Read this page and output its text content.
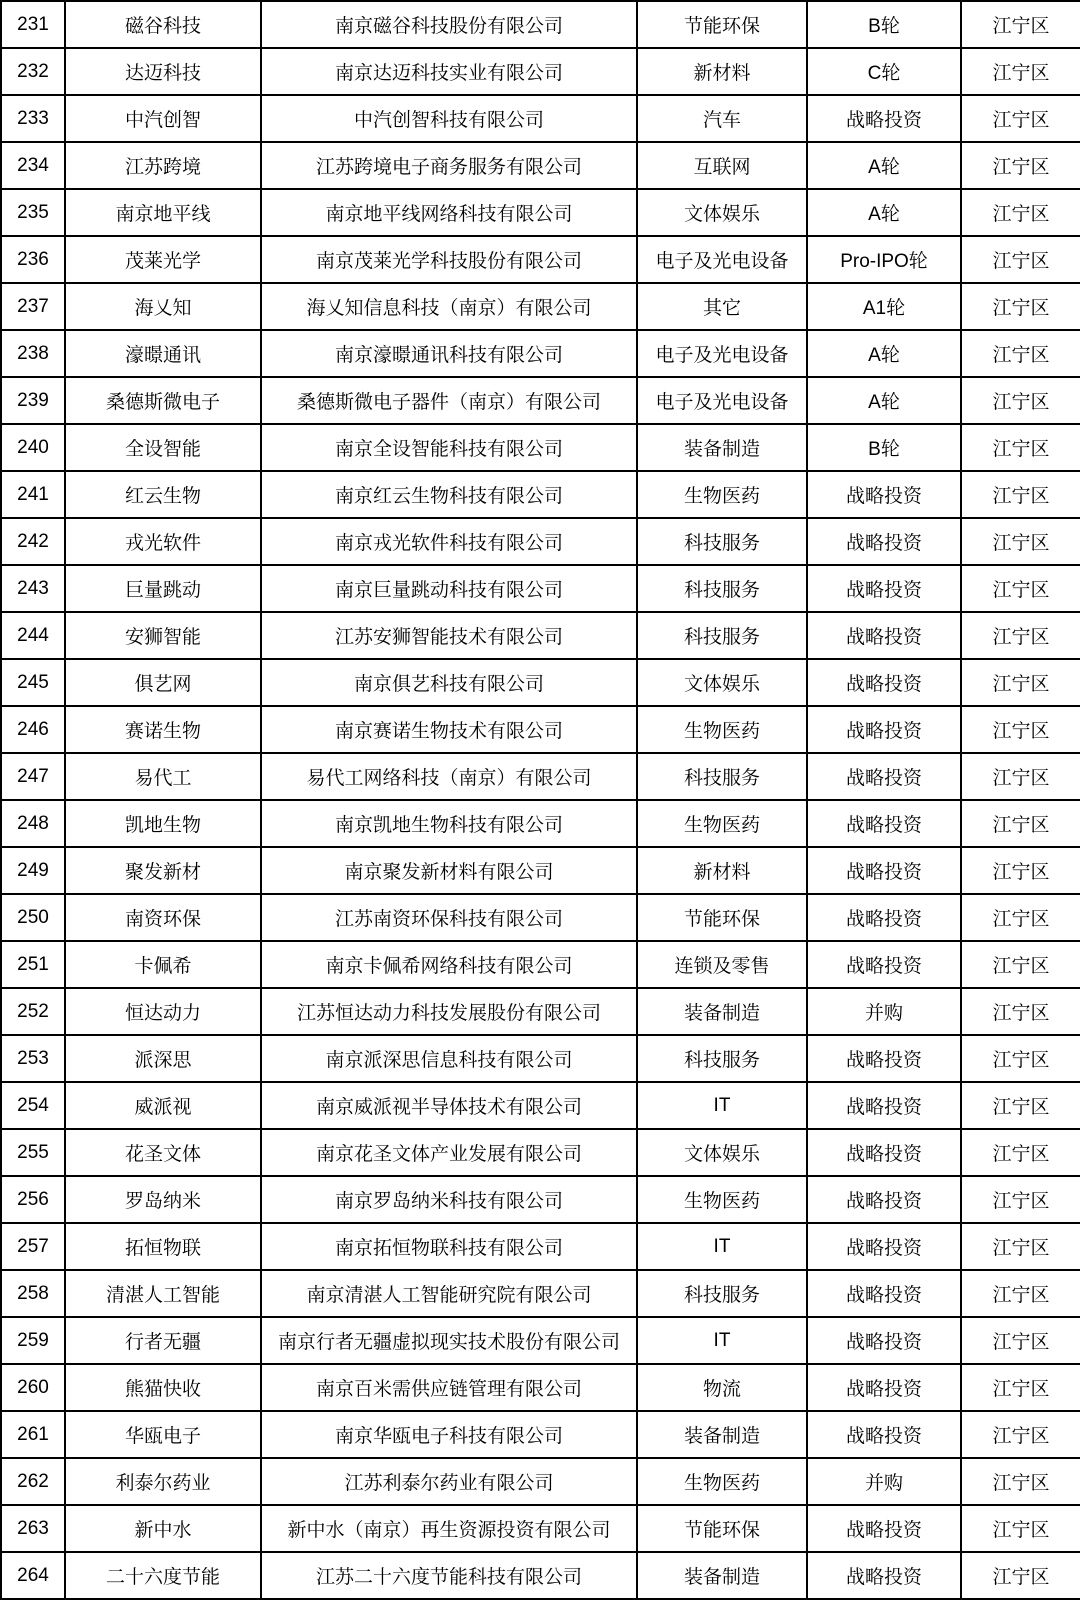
231	磁谷科技	南京磁谷科技股份有限公司	节能环保	B轮	江宁区
232	达迈科技	南京达迈科技实业有限公司	新材料	C轮	江宁区
233	中汽创智	中汽创智科技有限公司	汽车	战略投资	江宁区
234	江苏跨境	江苏跨境电子商务服务有限公司	互联网	A轮	江宁区
235	南京地平线	南京地平线网络科技有限公司	文体娱乐	A轮	江宁区
236	茂莱光学	南京茂莱光学科技股份有限公司	电子及光电设备	Pro-IPO轮	江宁区
237	海乂知	海乂知信息科技（南京）有限公司	其它	A1轮	江宁区
238	濠暻通讯	南京濠暻通讯科技有限公司	电子及光电设备	A轮	江宁区
239	桑德斯微电子	桑德斯微电子器件（南京）有限公司	电子及光电设备	A轮	江宁区
240	全设智能	南京全设智能科技有限公司	装备制造	B轮	江宁区
241	红云生物	南京红云生物科技有限公司	生物医药	战略投资	江宁区
242	戎光软件	南京戎光软件科技有限公司	科技服务	战略投资	江宁区
243	巨量跳动	南京巨量跳动科技有限公司	科技服务	战略投资	江宁区
244	安狮智能	江苏安狮智能技术有限公司	科技服务	战略投资	江宁区
245	俱艺网	南京俱艺科技有限公司	文体娱乐	战略投资	江宁区
246	赛诺生物	南京赛诺生物技术有限公司	生物医药	战略投资	江宁区
247	易代工	易代工网络科技（南京）有限公司	科技服务	战略投资	江宁区
248	凯地生物	南京凯地生物科技有限公司	生物医药	战略投资	江宁区
249	聚发新材	南京聚发新材料有限公司	新材料	战略投资	江宁区
250	南资环保	江苏南资环保科技有限公司	节能环保	战略投资	江宁区
251	卡佩希	南京卡佩希网络科技有限公司	连锁及零售	战略投资	江宁区
252	恒达动力	江苏恒达动力科技发展股份有限公司	装备制造	并购	江宁区
253	派深思	南京派深思信息科技有限公司	科技服务	战略投资	江宁区
254	威派视	南京威派视半导体技术有限公司	IT	战略投资	江宁区
255	花圣文体	南京花圣文体产业发展有限公司	文体娱乐	战略投资	江宁区
256	罗岛纳米	南京罗岛纳米科技有限公司	生物医药	战略投资	江宁区
257	拓恒物联	南京拓恒物联科技有限公司	IT	战略投资	江宁区
258	清湛人工智能	南京清湛人工智能研究院有限公司	科技服务	战略投资	江宁区
259	行者无疆	南京行者无疆虚拟现实技术股份有限公司	IT	战略投资	江宁区
260	熊猫快收	南京百米需供应链管理有限公司	物流	战略投资	江宁区
261	华瓯电子	南京华瓯电子科技有限公司	装备制造	战略投资	江宁区
262	利泰尔药业	江苏利泰尔药业有限公司	生物医药	并购	江宁区
263	新中水	新中水（南京）再生资源投资有限公司	节能环保	战略投资	江宁区
264	二十六度节能	江苏二十六度节能科技有限公司	装备制造	战略投资	江宁区
